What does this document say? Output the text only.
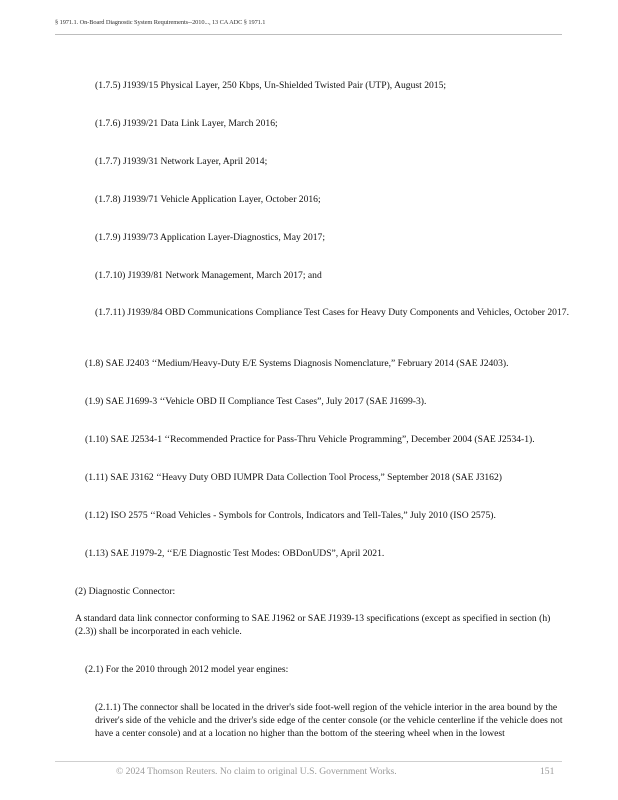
§ 1971.1. On-Board Diagnostic System Requirements--2010..., 13 CA ADC § 1971.1

(1.7.5) J1939/15 Physical Layer, 250 Kbps, Un-Shielded Twisted Pair (UTP), August 2015;

(1.7.6) J1939/21 Data Link Layer, March 2016;

(1.7.7) J1939/31 Network Layer, April 2014;

(1.7.8) J1939/71 Vehicle Application Layer, October 2016;

(1.7.9) J1939/73 Application Layer-Diagnostics, May 2017;

(1.7.10) J1939/81 Network Management, March 2017; and

(1.7.11) J1939/84 OBD Communications Compliance Test Cases for Heavy Duty Components and Vehicles, October 2017.

(1.8) SAE J2403 ‘‘Medium/Heavy-Duty E/E Systems Diagnosis Nomenclature,” February 2014 (SAE J2403).

(1.9) SAE J1699-3 ‘‘Vehicle OBD II Compliance Test Cases”, July 2017 (SAE J1699-3).

(1.10) SAE J2534-1 ‘‘Recommended Practice for Pass-Thru Vehicle Programming”, December 2004 (SAE J2534-1).

(1.11) SAE J3162 ‘‘Heavy Duty OBD IUMPR Data Collection Tool Process,” September 2018 (SAE J3162)

(1.12) ISO 2575 ‘‘Road Vehicles - Symbols for Controls, Indicators and Tell-Tales,” July 2010 (ISO 2575).

(1.13) SAE J1979-2, ‘‘E/E Diagnostic Test Modes: OBDonUDS”, April 2021.

(2) Diagnostic Connector:

A standard data link connector conforming to SAE J1962 or SAE J1939-13 specifications (except as specified in section (h)(2.3)) shall be incorporated in each vehicle.

(2.1) For the 2010 through 2012 model year engines:

(2.1.1) The connector shall be located in the driver's side foot-well region of the vehicle interior in the area bound by the driver's side of the vehicle and the driver's side edge of the center console (or the vehicle centerline if the vehicle does not have a center console) and at a location no higher than the bottom of the steering wheel when in the lowest

© 2024 Thomson Reuters. No claim to original U.S. Government Works.	151
